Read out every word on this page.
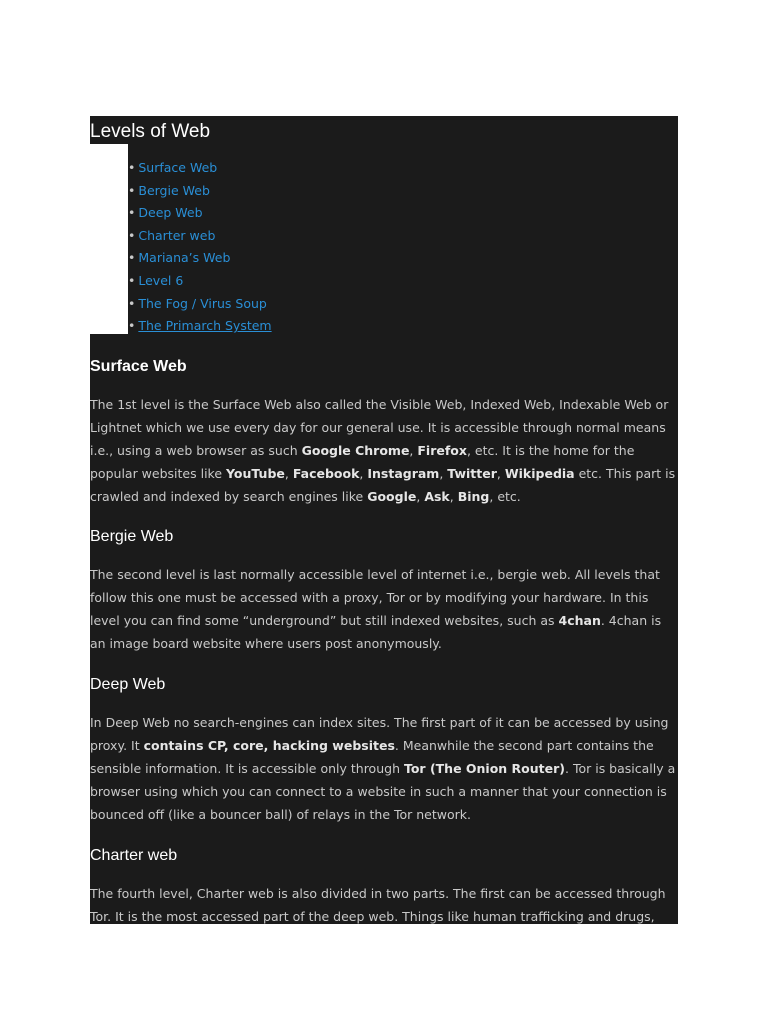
Levels of Web
• Surface Web
• Bergie Web
• Deep Web
• Charter web
• Mariana’s Web
• Level 6
• The Fog / Virus Soup
• The Primarch System
Surface Web

The 1st level is the Surface Web also called the Visible Web, Indexed Web, Indexable Web or Lightnet which we use every day for our general use. It is accessible through normal means i.e., using a web browser as such Google Chrome, Firefox, etc. It is the home for the popular websites like YouTube, Facebook, Instagram, Twitter, Wikipedia etc. This part is crawled and indexed by search engines like Google, Ask, Bing, etc.

Bergie Web

The second level is last normally accessible level of internet i.e., bergie web. All levels that follow this one must be accessed with a proxy, Tor or by modifying your hardware. In this level you can find some “underground” but still indexed websites, such as 4chan. 4chan is an image board website where users post anonymously.

Deep Web

In Deep Web no search-engines can index sites. The first part of it can be accessed by using proxy. It contains CP, core, hacking websites. Meanwhile the second part contains the sensible information. It is accessible only through Tor (The Onion Router). Tor is basically a browser using which you can connect to a website in such a manner that your connection is bounced off (like a bouncer ball) of relays in the Tor network.

Charter web

The fourth level, Charter web is also divided in two parts. The first can be accessed through Tor. It is the most accessed part of the deep web. Things like human trafficking and drugs,
